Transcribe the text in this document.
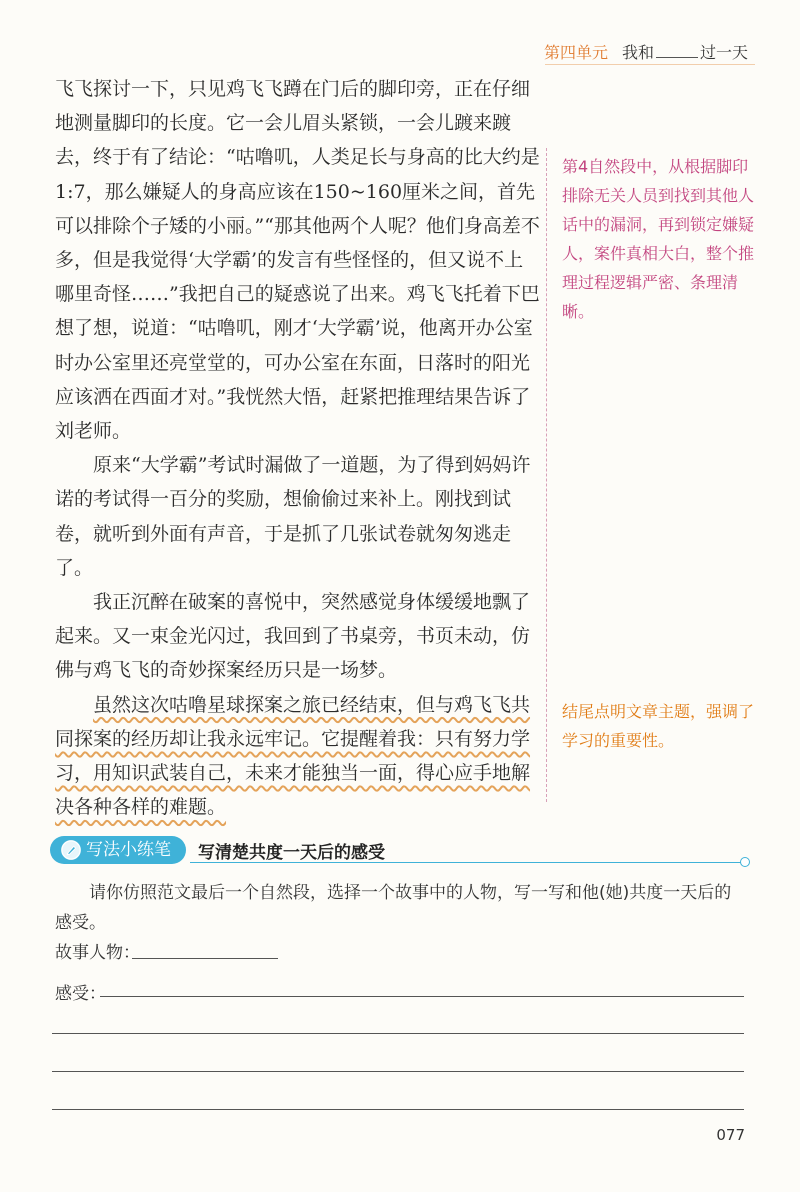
第四单元 我和	过一天

飞飞探讨一下，只见鸡飞飞蹲在门后的脚印旁，正在仔细地测量脚印的长度。它一会儿眉头紧锁，一会儿踱来踱去，终于有了结论：“咕噜叽，人类足长与身高的比大约是1:7，那么嫌疑人的身高应该在150~160厘米之间，首先可以排除个子矮的小丽。”“那其他两个人呢？他们身高差不多，但是我觉得‘大学霸’的发言有些怪怪的，但又说不上哪里奇怪……”我把自己的疑惑说了出来。鸡飞飞托着下巴想了想，说道：“咕噜叽，刚才‘大学霸’说，他离开办公室时办公室里还亮堂堂的，可办公室在东面，日落时的阳光应该洒在西面才对。”我恍然大悟，赶紧把推理结果告诉了刘老师。

原来“大学霸”考试时漏做了一道题，为了得到妈妈许诺的考试得一百分的奖励，想偷偷过来补上。刚找到试卷，就听到外面有声音，于是抓了几张试卷就匆匆逃走了。

我正沉醉在破案的喜悦中，突然感觉身体缓缓地飘了起来。又一束金光闪过，我回到了书桌旁，书页未动，仿佛与鸡飞飞的奇妙探案经历只是一场梦。

虽然这次咕噜星球探案之旅已经结束，但与鸡飞飞共同探案的经历却让我永远牢记。它提醒着我：只有努力学习，用知识武装自己，未来才能独当一面，得心应手地解决各种各样的难题。

第4自然段中，从根据脚印排除无关人员到找到其他人话中的漏洞，再到锁定嫌疑人，案件真相大白，整个推理过程逻辑严密、条理清晰。
结尾点明文章主题，强调了学习的重要性。
写法小练笔	写清楚共度一天后的感受
请你仿照范文最后一个自然段，选择一个故事中的人物，写一写和他(她)共度一天后的感受。
故事人物：
感受：
077
